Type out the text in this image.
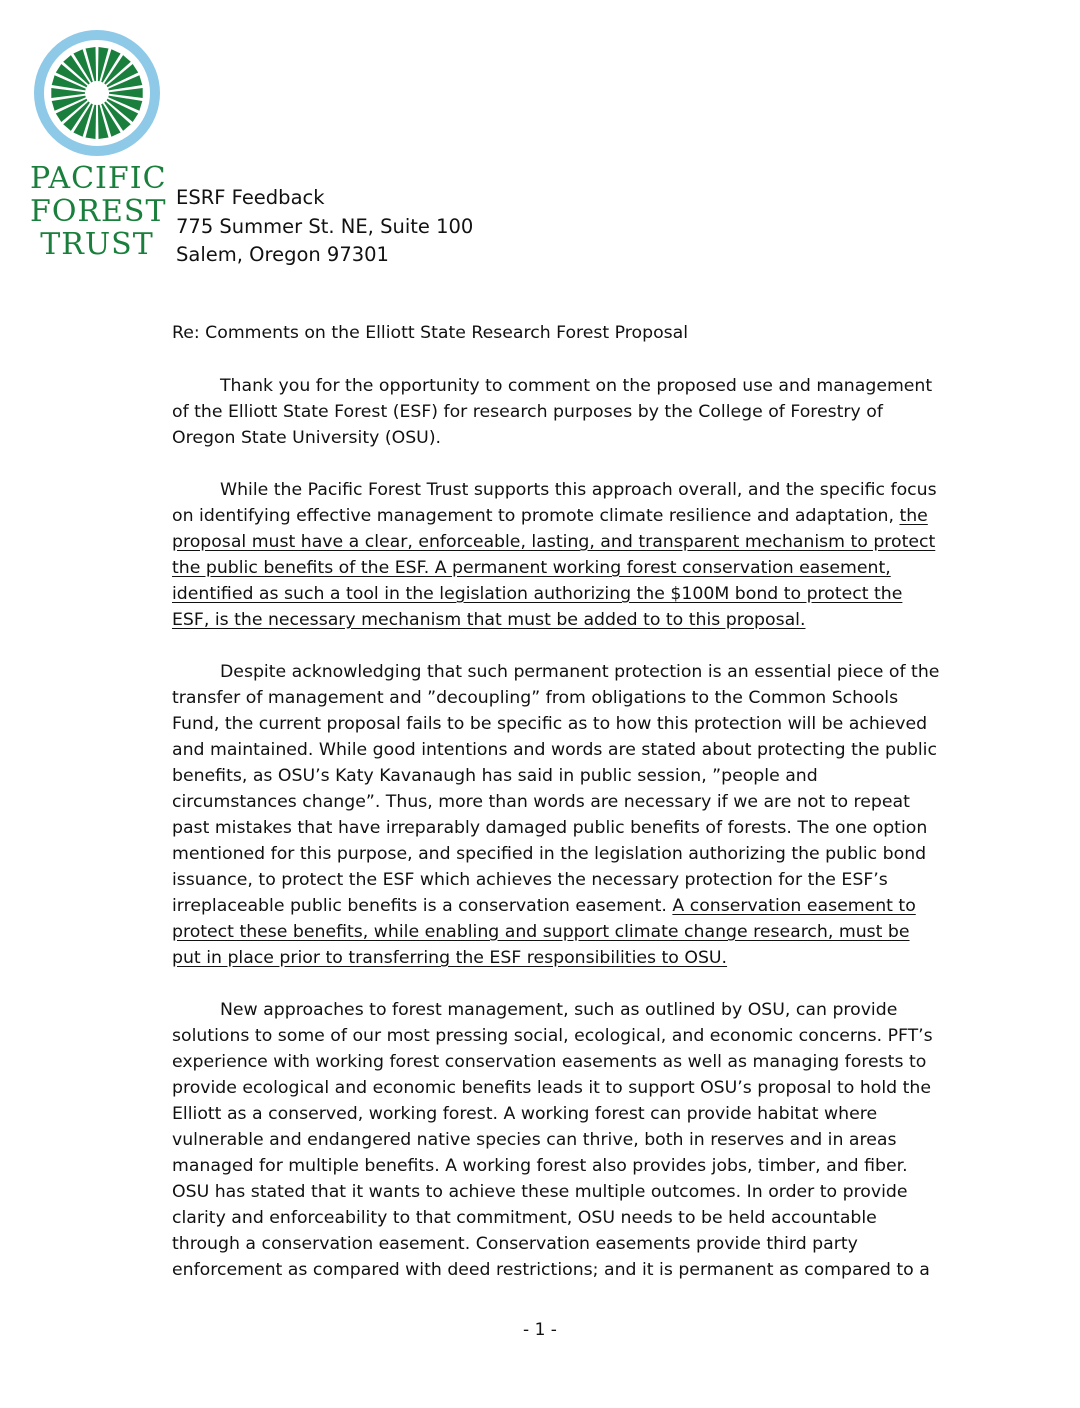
PACIFIC
FOREST
TRUST
ESRF Feedback
775 Summer St. NE, Suite 100
Salem, Oregon 97301
Re: Comments on the Elliott State Research Forest Proposal

Thank you for the opportunity to comment on the proposed use and management of the Elliott State Forest (ESF) for research purposes by the College of Forestry of Oregon State University (OSU).

While the Pacific Forest Trust supports this approach overall, and the specific focus on identifying effective management to promote climate resilience and adaptation, the proposal must have a clear, enforceable, lasting, and transparent mechanism to protect the public benefits of the ESF. A permanent working forest conservation easement, identified as such a tool in the legislation authorizing the $100M bond to protect the ESF, is the necessary mechanism that must be added to to this proposal.

Despite acknowledging that such permanent protection is an essential piece of the transfer of management and ”decoupling” from obligations to the Common Schools Fund, the current proposal fails to be specific as to how this protection will be achieved and maintained. While good intentions and words are stated about protecting the public benefits, as OSU’s Katy Kavanaugh has said in public session, ”people and circumstances change”. Thus, more than words are necessary if we are not to repeat past mistakes that have irreparably damaged public benefits of forests. The one option mentioned for this purpose, and specified in the legislation authorizing the public bond issuance, to protect the ESF which achieves the necessary protection for the ESF’s irreplaceable public benefits is a conservation easement. A conservation easement to protect these benefits, while enabling and support climate change research, must be put in place prior to transferring the ESF responsibilities to OSU.

New approaches to forest management, such as outlined by OSU, can provide solutions to some of our most pressing social, ecological, and economic concerns. PFT’s experience with working forest conservation easements as well as managing forests to provide ecological and economic benefits leads it to support OSU’s proposal to hold the Elliott as a conserved, working forest. A working forest can provide habitat where vulnerable and endangered native species can thrive, both in reserves and in areas managed for multiple benefits. A working forest also provides jobs, timber, and fiber. OSU has stated that it wants to achieve these multiple outcomes. In order to provide clarity and enforceability to that commitment, OSU needs to be held accountable through a conservation easement. Conservation easements provide third party enforcement as compared with deed restrictions; and it is permanent as compared to a

- 1 -
